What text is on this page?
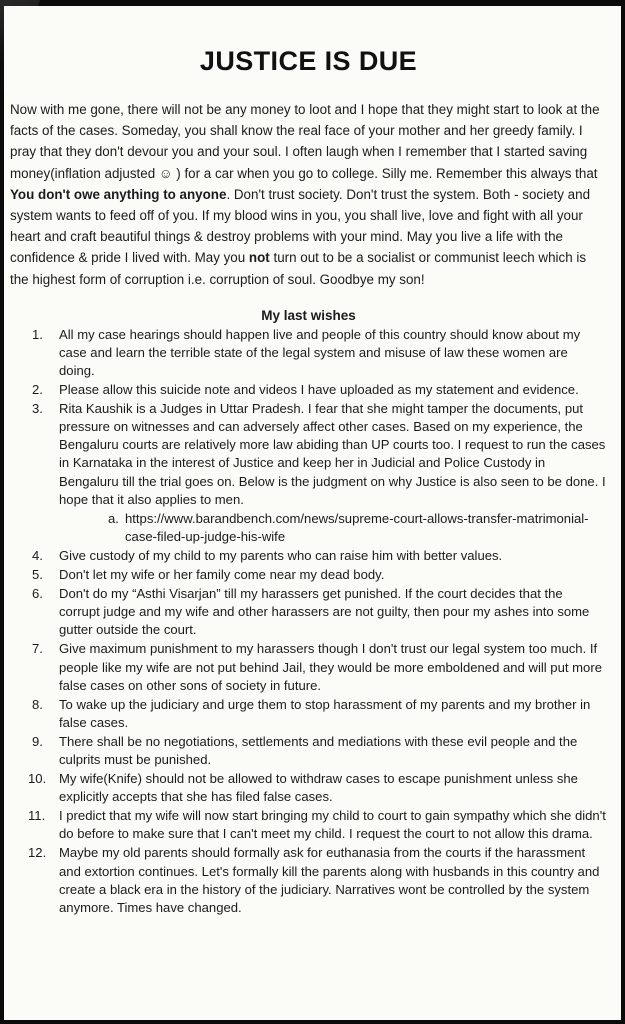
JUSTICE IS DUE

Now with me gone, there will not be any money to loot and I hope that they might start to look at the facts of the cases. Someday, you shall know the real face of your mother and her greedy family. I pray that they don't devour you and your soul. I often laugh when I remember that I started saving money(inflation adjusted ☺ ) for a car when you go to college. Silly me. Remember this always that You don't owe anything to anyone. Don't trust society. Don't trust the system. Both - society and system wants to feed off of you. If my blood wins in you, you shall live, love and fight with all your heart and craft beautiful things & destroy problems with your mind. May you live a life with the confidence & pride I lived with. May you not turn out to be a socialist or communist leech which is the highest form of corruption i.e. corruption of soul. Goodbye my son!

My last wishes
1.	All my case hearings should happen live and people of this country should know about my case and learn the terrible state of the legal system and misuse of law these women are doing.
2.	Please allow this suicide note and videos I have uploaded as my statement and evidence.
3.	Rita Kaushik is a Judges in Uttar Pradesh. I fear that she might tamper the documents, put pressure on witnesses and can adversely affect other cases. Based on my experience, the Bengaluru courts are relatively more law abiding than UP courts too. I request to run the cases in Karnataka in the interest of Justice and keep her in Judicial and Police Custody in Bengaluru till the trial goes on. Below is the judgment on why Justice is also seen to be done. I hope that it also applies to men.
a. https://www.barandbench.com/news/supreme-court-allows-transfer-matrimonial-case-filed-up-judge-his-wife
4.	Give custody of my child to my parents who can raise him with better values.
5.	Don't let my wife or her family come near my dead body.
6.	Don't do my “Asthi Visarjan” till my harassers get punished. If the court decides that the corrupt judge and my wife and other harassers are not guilty, then pour my ashes into some gutter outside the court.
7.	Give maximum punishment to my harassers though I don't trust our legal system too much. If people like my wife are not put behind Jail, they would be more emboldened and will put more false cases on other sons of society in future.
8.	To wake up the judiciary and urge them to stop harassment of my parents and my brother in false cases.
9.	There shall be no negotiations, settlements and mediations with these evil people and the culprits must be punished.
10. My wife(Knife) should not be allowed to withdraw cases to escape punishment unless she explicitly accepts that she has filed false cases.
11.	I predict that my wife will now start bringing my child to court to gain sympathy which she didn't do before to make sure that I can't meet my child. I request the court to not allow this drama.
12. Maybe my old parents should formally ask for euthanasia from the courts if the harassment and extortion continues. Let's formally kill the parents along with husbands in this country and create a black era in the history of the judiciary. Narratives wont be controlled by the system anymore. Times have changed.
